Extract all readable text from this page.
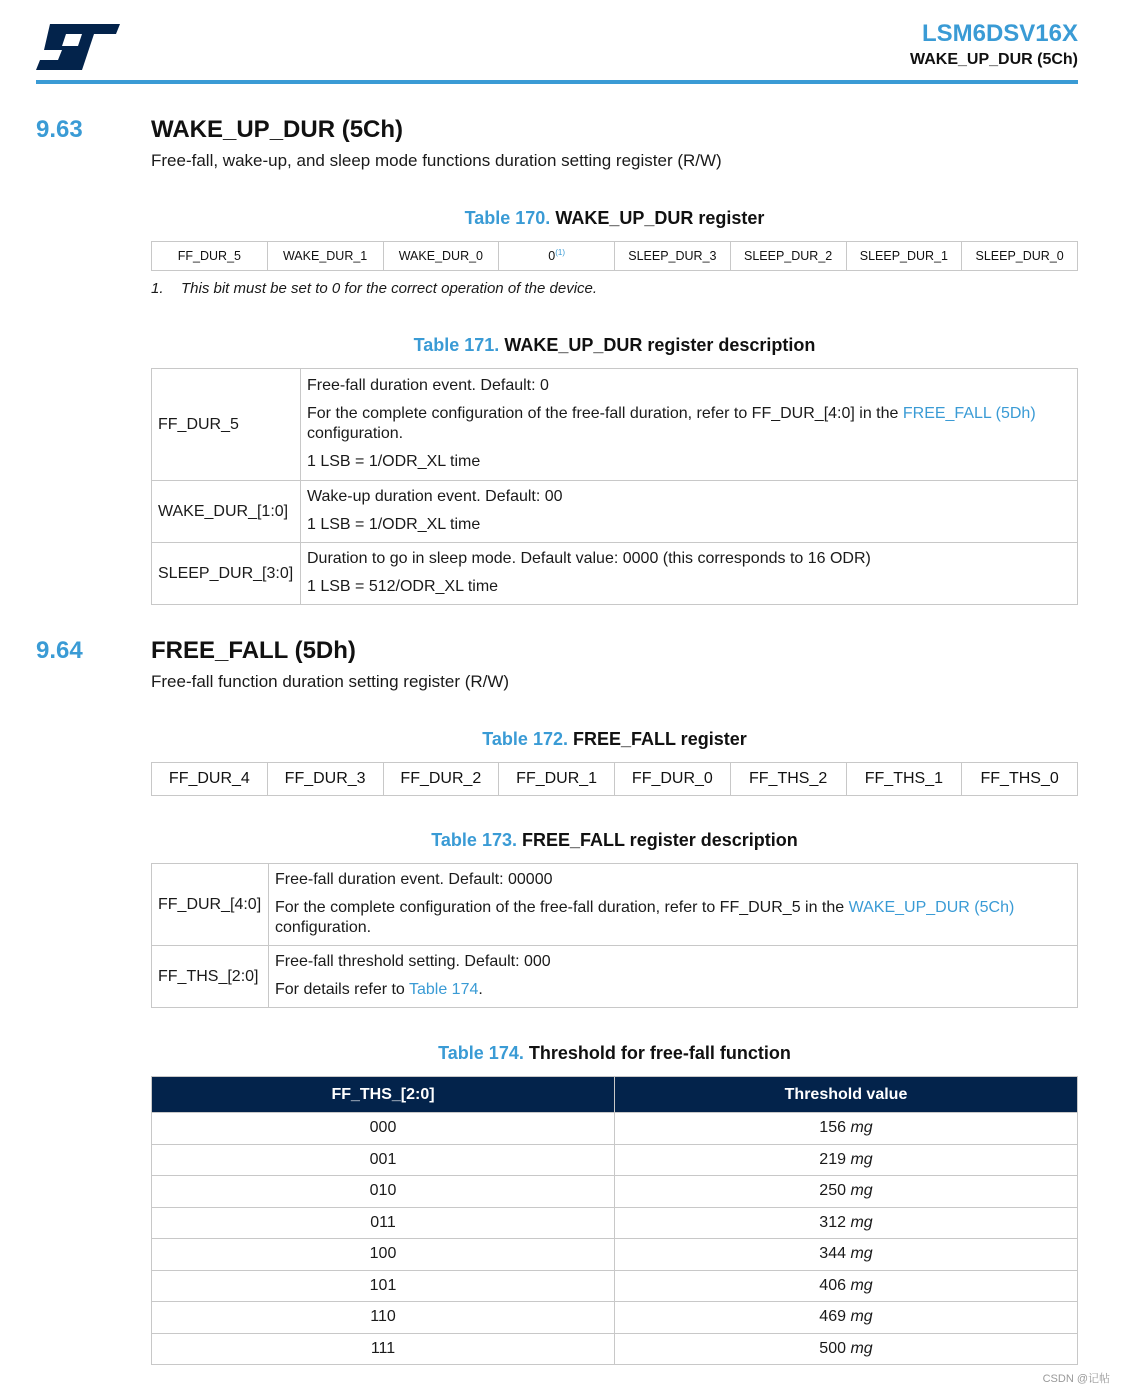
LSM6DSV16X
WAKE_UP_DUR (5Ch)
9.63	WAKE_UP_DUR (5Ch)
Free-fall, wake-up, and sleep mode functions duration setting register (R/W)
Table 170. WAKE_UP_DUR register
FF_DUR_5	WAKE_DUR_1	WAKE_DUR_0	0$^{(1)}$	SLEEP_DUR_3	SLEEP_DUR_2	SLEEP_DUR_1	SLEEP_DUR_0
1. This bit must be set to 0 for the correct operation of the device.
Table 171. WAKE_UP_DUR register description
FF_DUR_5	Free-fall duration event. Default: 0

For the complete configuration of the free-fall duration, refer to FF_DUR_[4:0] in the FREE_FALL (5Dh) configuration.

1 LSB = 1/ODR_XL time

WAKE_DUR_[1:0]	Wake-up duration event. Default: 00

1 LSB = 1/ODR_XL time

SLEEP_DUR_[3:0]	Duration to go in sleep mode. Default value: 0000 (this corresponds to 16 ODR)

1 LSB = 512/ODR_XL time

9.64	FREE_FALL (5Dh)
Free-fall function duration setting register (R/W)
Table 172. FREE_FALL register
FF_DUR_4	FF_DUR_3	FF_DUR_2	FF_DUR_1	FF_DUR_0	FF_THS_2	FF_THS_1	FF_THS_0
Table 173. FREE_FALL register description
FF_DUR_[4:0]	Free-fall duration event. Default: 00000

For the complete configuration of the free-fall duration, refer to FF_DUR_5 in the WAKE_UP_DUR (5Ch) configuration.

FF_THS_[2:0]	Free-fall threshold setting. Default: 000

For details refer to Table 174.

Table 174. Threshold for free-fall function
FF_THS_[2:0]	Threshold value
000	156 mg
001	219 mg
010	250 mg
011	312 mg
100	344 mg
101	406 mg
110	469 mg
111	500 mg
CSDN @记帖
